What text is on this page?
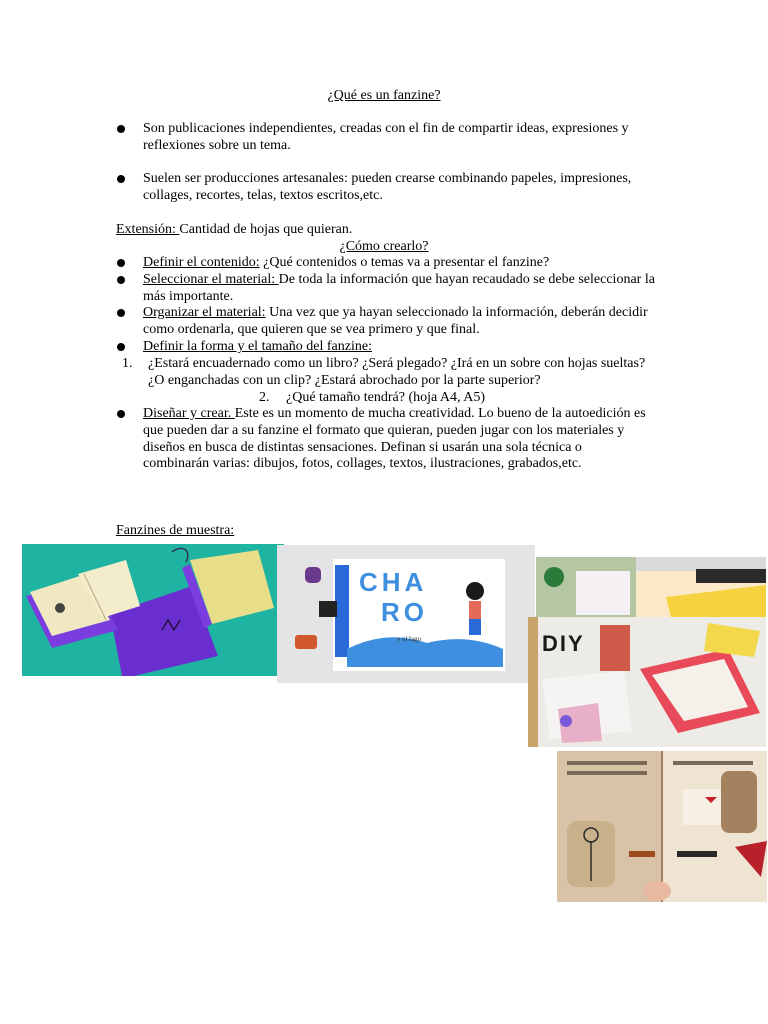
¿Qué es un fanzine?
Son publicaciones independientes, creadas con el fin de compartir ideas, expresiones y reflexiones sobre un tema.
Suelen ser producciones artesanales: pueden crearse combinando papeles, impresiones, collages, recortes, telas, textos escritos,etc.
Extensión: Cantidad de hojas que quieran.
¿Cómo crearlo?
Definir el contenido: ¿Qué contenidos o temas va a presentar el fanzine?
Seleccionar el material: De toda la información que hayan recaudado se debe seleccionar la más importante.
Organizar el material: Una vez que ya hayan seleccionado la información, deberán decidir como ordenarla, que quieren que se vea primero y que final.
Definir la forma y el tamaño del fanzine:
1. ¿Estará encuadernado como un libro? ¿Será plegado? ¿Irá en un sobre con hojas sueltas? ¿O enganchadas con un clip? ¿Estará abrochado por la parte superior?
2. ¿Qué tamaño tendrá? (hoja A4, A5)
Diseñar y crear. Este es un momento de mucha creatividad. Lo bueno de la autoedición es que pueden dar a su fanzine el formato que quieran, pueden jugar con los materiales y diseños en busca de distintas sensaciones. Definan si usarán una sola técnica o combinarán varias: dibujos, fotos, collages, textos, ilustraciones, grabados,etc.
Fanzines de muestra:
CHA
RO
y el lago	DIY
